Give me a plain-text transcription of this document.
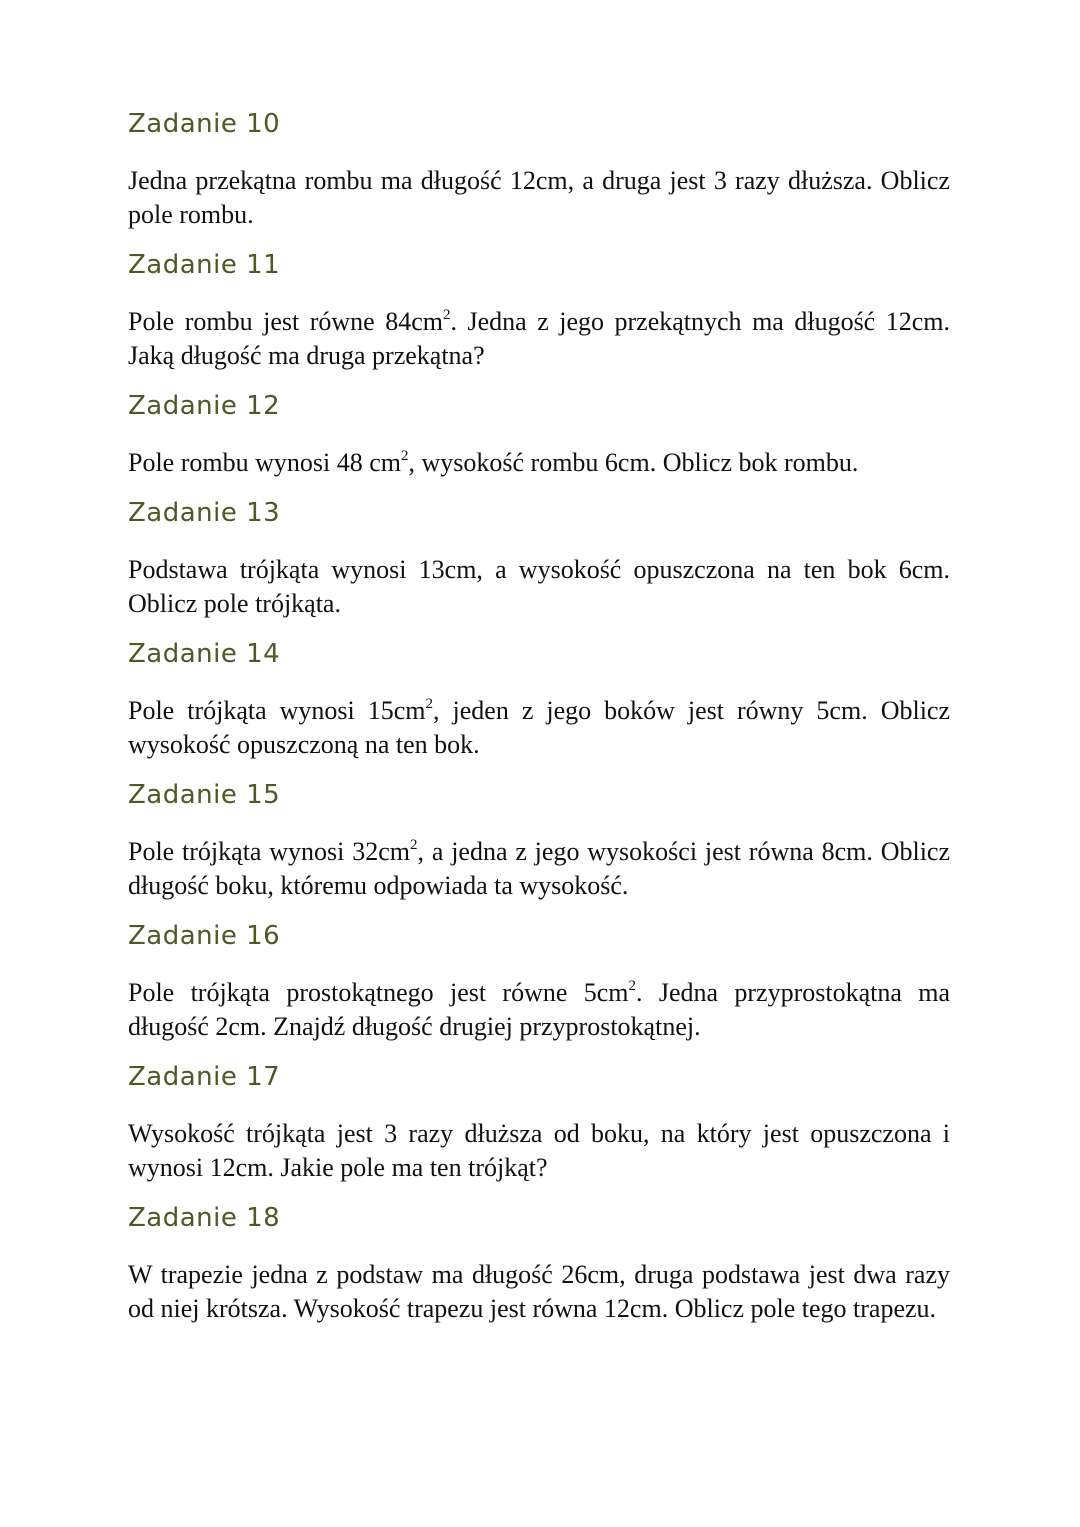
Zadanie 10

Jedna przekątna rombu ma długość 12cm, a druga jest 3 razy dłuższa. Oblicz pole rombu.

Zadanie 11

Pole rombu jest równe $84cm^2$. Jedna z jego przekątnych ma długość 12cm. Jaką długość ma druga przekątna?

Zadanie 12

Pole rombu wynosi 48 $cm^2$, wysokość rombu 6cm. Oblicz bok rombu.

Zadanie 13

Podstawa trójkąta wynosi 13cm, a wysokość opuszczona na ten bok 6cm. Oblicz pole trójkąta.

Zadanie 14

Pole trójkąta wynosi $15cm^2$, jeden z jego boków jest równy 5cm. Oblicz wysokość opuszczoną na ten bok.

Zadanie 15

Pole trójkąta wynosi $32cm^2$, a jedna z jego wysokości jest równa 8cm. Oblicz długość boku, któremu odpowiada ta wysokość.

Zadanie 16

Pole trójkąta prostokątnego jest równe $5cm^2$. Jedna przyprostokątna ma długość 2cm. Znajdź długość drugiej przyprostokątnej.

Zadanie 17

Wysokość trójkąta jest 3 razy dłuższa od boku, na który jest opuszczona i wynosi 12cm. Jakie pole ma ten trójkąt?

Zadanie 18

W trapezie jedna z podstaw ma długość 26cm, druga podstawa jest dwa razy od niej krótsza. Wysokość trapezu jest równa 12cm. Oblicz pole tego trapezu.
